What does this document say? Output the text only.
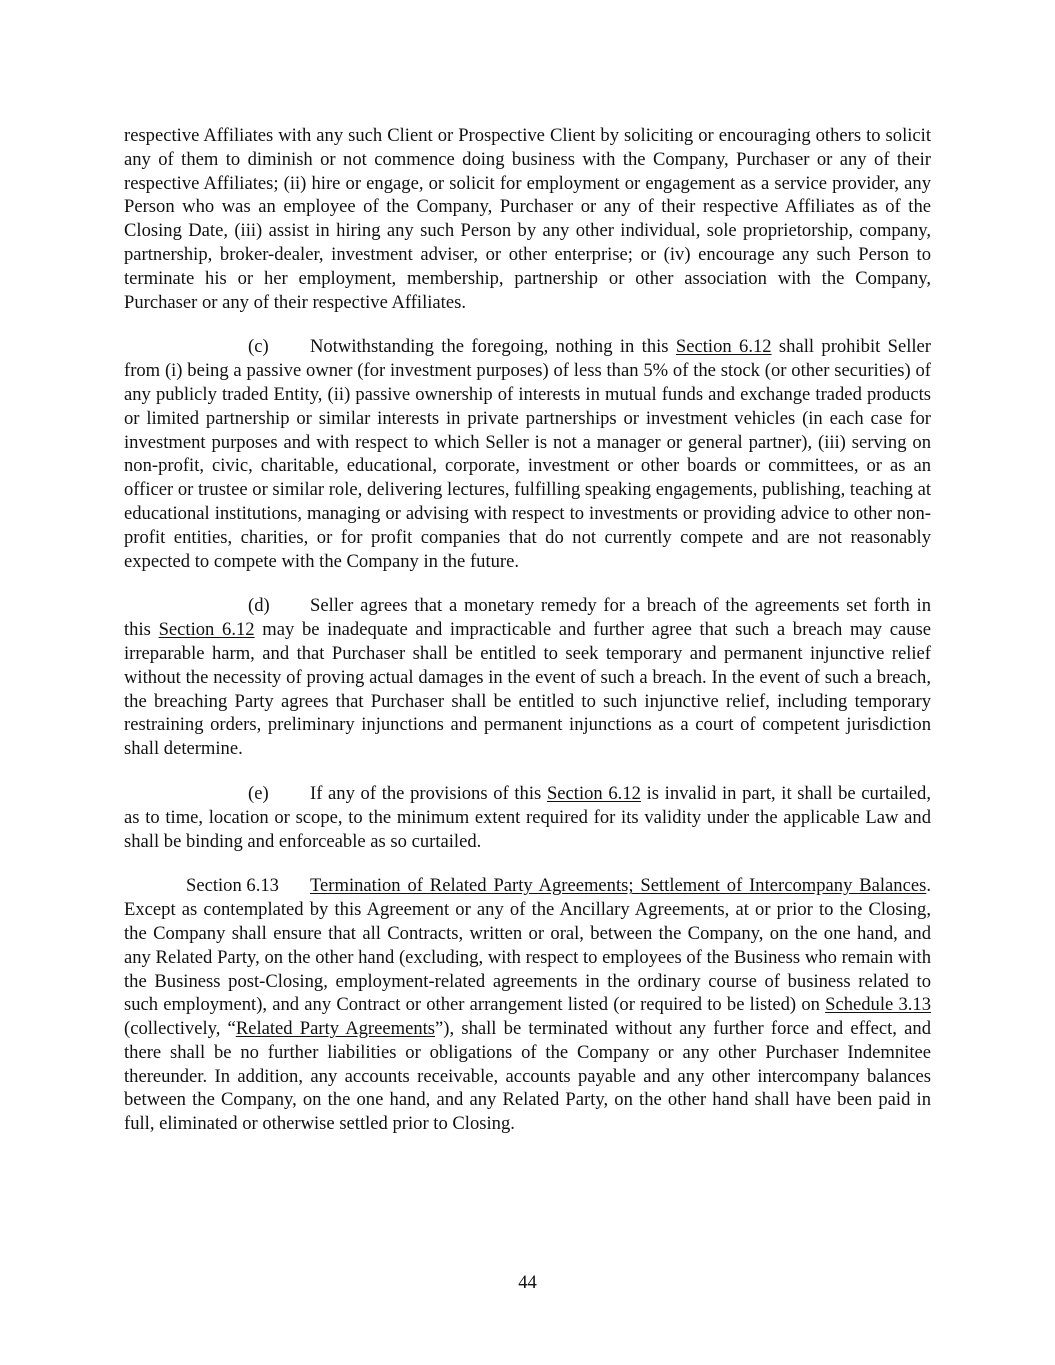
respective Affiliates with any such Client or Prospective Client by soliciting or encouraging others to solicit any of them to diminish or not commence doing business with the Company, Purchaser or any of their respective Affiliates; (ii) hire or engage, or solicit for employment or engagement as a service provider, any Person who was an employee of the Company, Purchaser or any of their respective Affiliates as of the Closing Date, (iii) assist in hiring any such Person by any other individual, sole proprietorship, company, partnership, broker-dealer, investment adviser, or other enterprise; or (iv) encourage any such Person to terminate his or her employment, membership, partnership or other association with the Company, Purchaser or any of their respective Affiliates.

(c) Notwithstanding the foregoing, nothing in this Section 6.12 shall prohibit Seller from (i) being a passive owner (for investment purposes) of less than 5% of the stock (or other securities) of any publicly traded Entity, (ii) passive ownership of interests in mutual funds and exchange traded products or limited partnership or similar interests in private partnerships or investment vehicles (in each case for investment purposes and with respect to which Seller is not a manager or general partner), (iii) serving on non-profit, civic, charitable, educational, corporate, investment or other boards or committees, or as an officer or trustee or similar role, delivering lectures, fulfilling speaking engagements, publishing, teaching at educational institutions, managing or advising with respect to investments or providing advice to other non-profit entities, charities, or for profit companies that do not currently compete and are not reasonably expected to compete with the Company in the future.

(d) Seller agrees that a monetary remedy for a breach of the agreements set forth in this Section 6.12 may be inadequate and impracticable and further agree that such a breach may cause irreparable harm, and that Purchaser shall be entitled to seek temporary and permanent injunctive relief without the necessity of proving actual damages in the event of such a breach. In the event of such a breach, the breaching Party agrees that Purchaser shall be entitled to such injunctive relief, including temporary restraining orders, preliminary injunctions and permanent injunctions as a court of competent jurisdiction shall determine.

(e) If any of the provisions of this Section 6.12 is invalid in part, it shall be curtailed, as to time, location or scope, to the minimum extent required for its validity under the applicable Law and shall be binding and enforceable as so curtailed.

Section 6.13 Termination of Related Party Agreements; Settlement of Intercompany Balances. Except as contemplated by this Agreement or any of the Ancillary Agreements, at or prior to the Closing, the Company shall ensure that all Contracts, written or oral, between the Company, on the one hand, and any Related Party, on the other hand (excluding, with respect to employees of the Business who remain with the Business post-Closing, employment-related agreements in the ordinary course of business related to such employment), and any Contract or other arrangement listed (or required to be listed) on Schedule 3.13 (collectively, “Related Party Agreements”), shall be terminated without any further force and effect, and there shall be no further liabilities or obligations of the Company or any other Purchaser Indemnitee thereunder. In addition, any accounts receivable, accounts payable and any other intercompany balances between the Company, on the one hand, and any Related Party, on the other hand shall have been paid in full, eliminated or otherwise settled prior to Closing.

44
